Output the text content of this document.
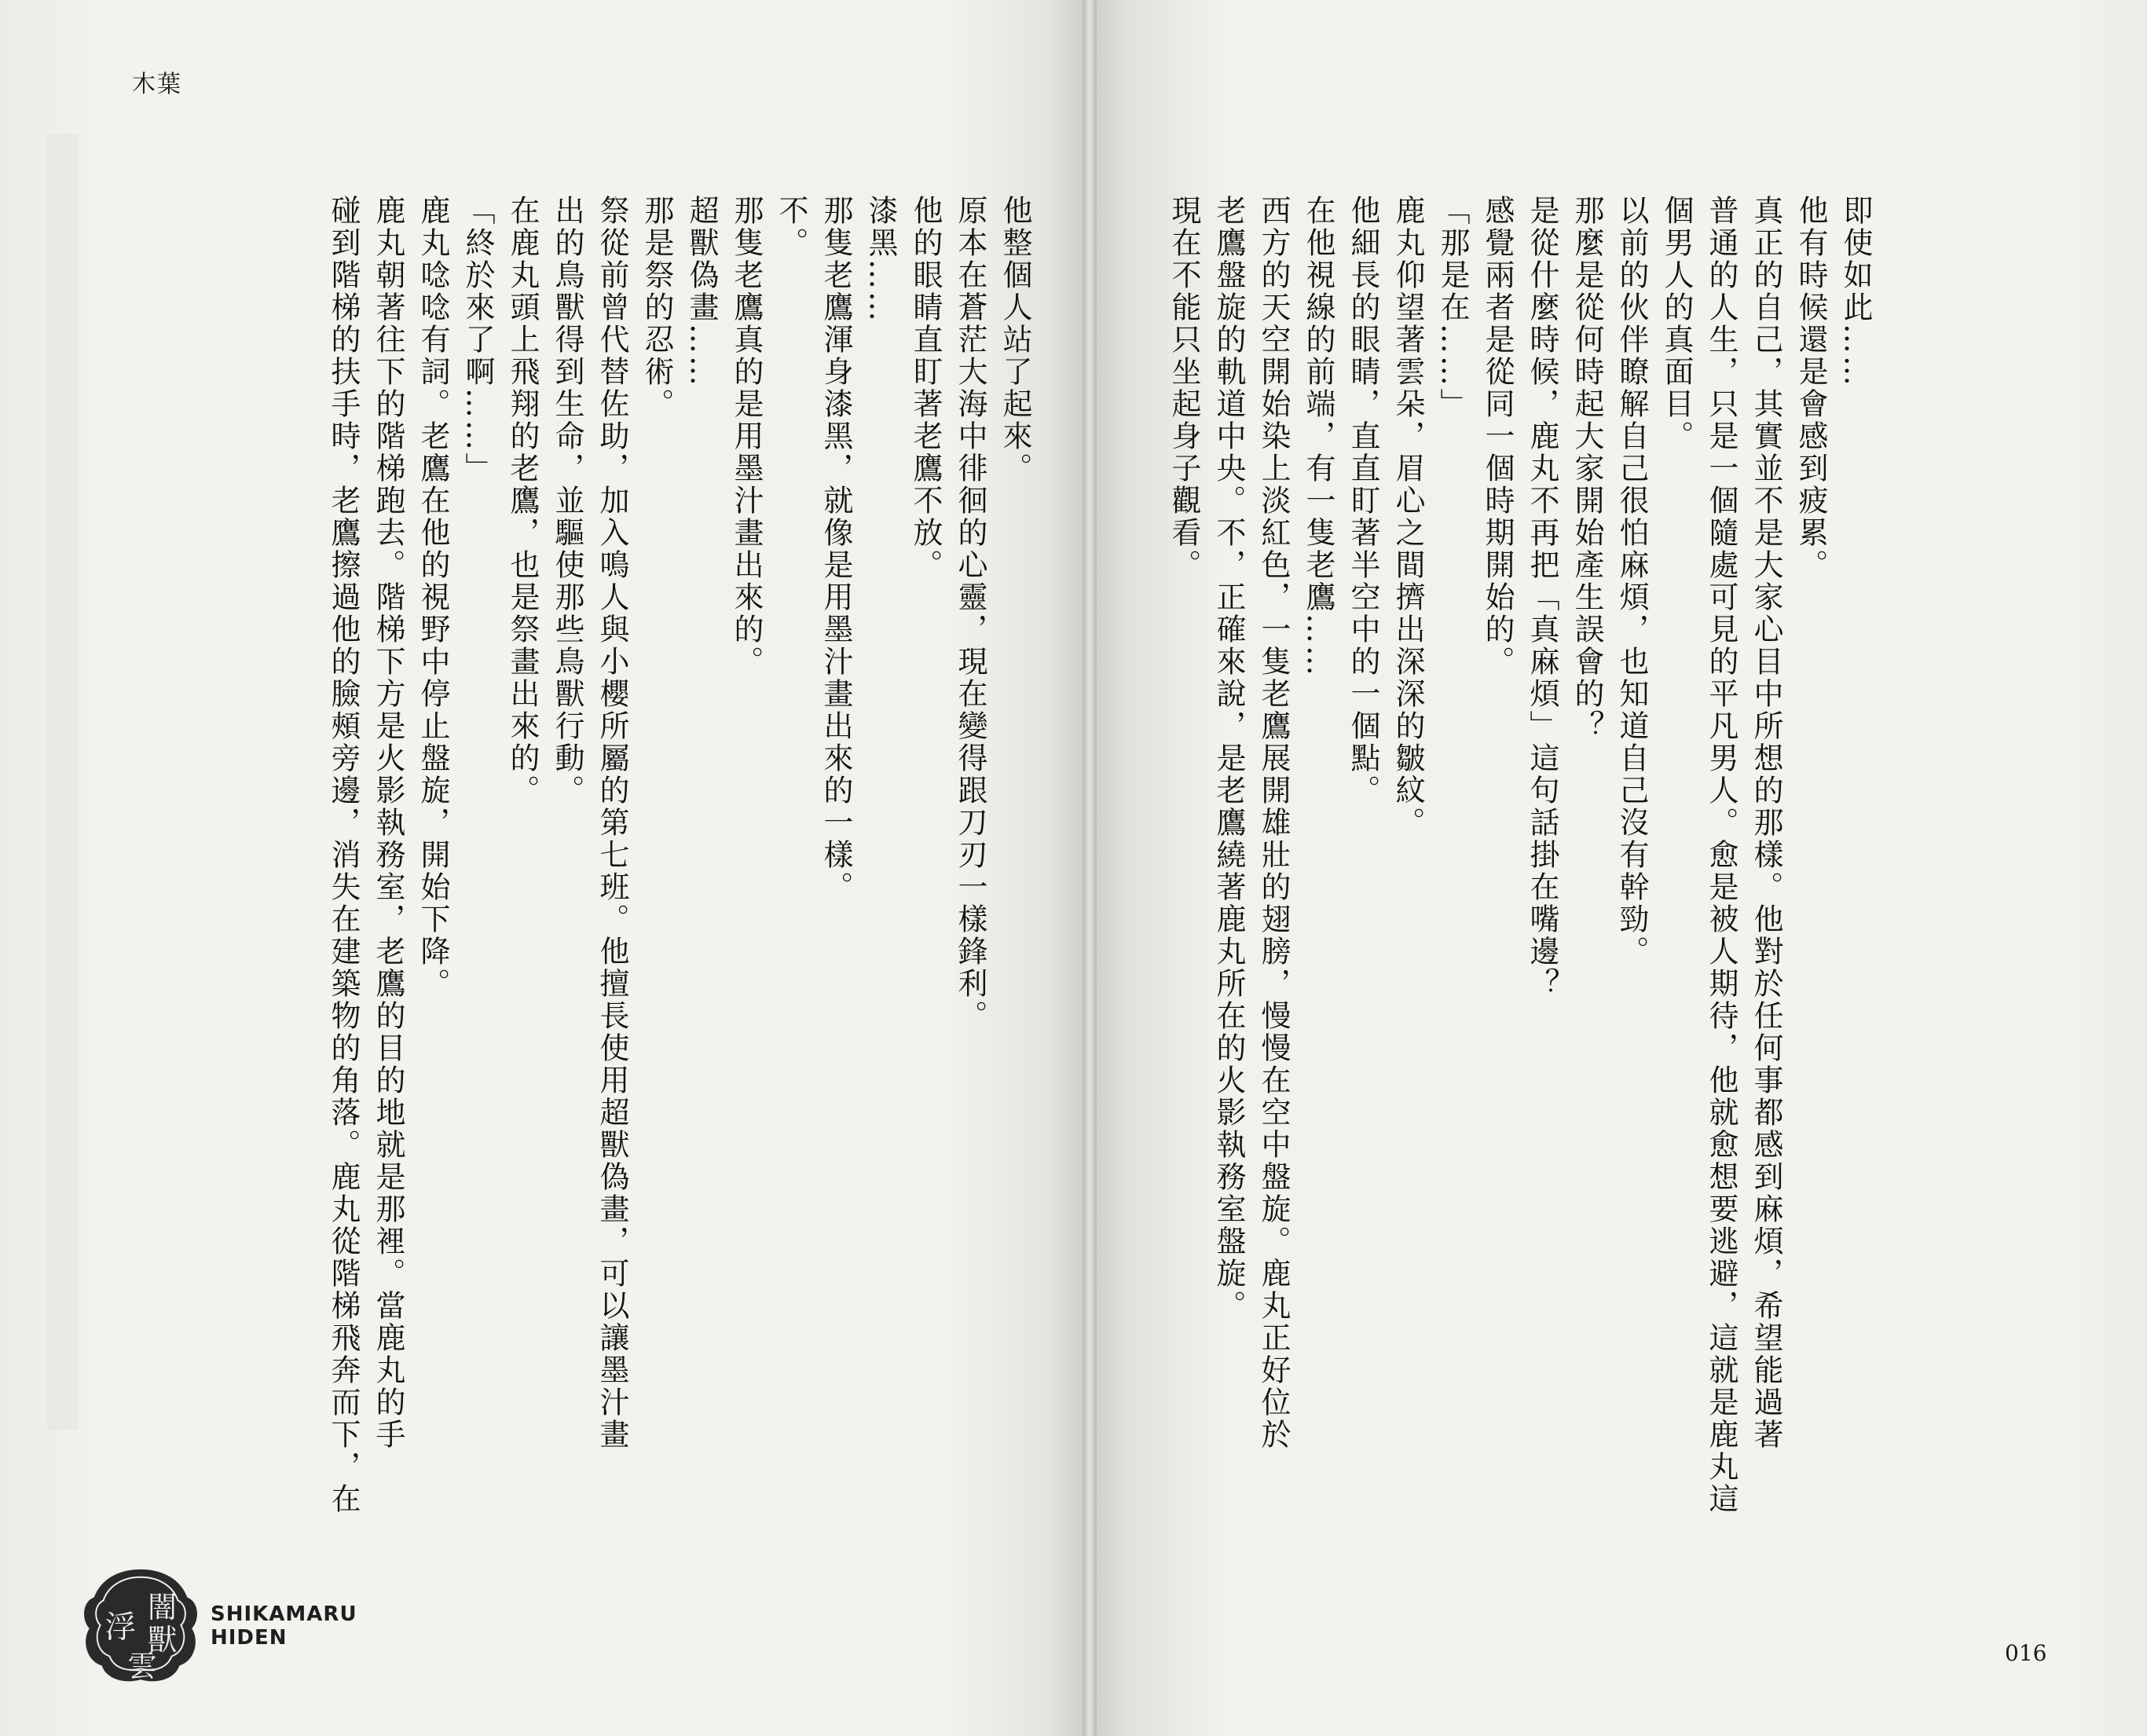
木葉

即使如此……

他有時候還是會感到疲累。

真正的自己，其實並不是大家心目中所想的那樣。他對於任何事都感到麻煩，希望能過著

普通的人生，只是一個隨處可見的平凡男人。愈是被人期待，他就愈想要逃避，這就是鹿丸這

個男人的真面目。

以前的伙伴瞭解自己很怕麻煩，也知道自己沒有幹勁。

那麼是從何時起大家開始產生誤會的？

是從什麼時候，鹿丸不再把「真麻煩」這句話掛在嘴邊？

感覺兩者是從同一個時期開始的。

「那是在……」

鹿丸仰望著雲朵，眉心之間擠出深深的皺紋。

他細長的眼睛，直直盯著半空中的一個點。

在他視線的前端，有一隻老鷹……

西方的天空開始染上淡紅色，一隻老鷹展開雄壯的翅膀，慢慢在空中盤旋。鹿丸正好位於

老鷹盤旋的軌道中央。不，正確來說，是老鷹繞著鹿丸所在的火影執務室盤旋。

現在不能只坐起身子觀看。

他整個人站了起來。

原本在蒼茫大海中徘徊的心靈，現在變得跟刀刃一樣鋒利。

他的眼睛直盯著老鷹不放。

漆黑……

那隻老鷹渾身漆黑，就像是用墨汁畫出來的一樣。

不。

那隻老鷹真的是用墨汁畫出來的。

超獸偽畫……

那是祭的忍術。

祭從前曾代替佐助，加入鳴人與小櫻所屬的第七班。他擅長使用超獸偽畫，可以讓墨汁畫

出的鳥獸得到生命，並驅使那些鳥獸行動。

在鹿丸頭上飛翔的老鷹，也是祭畫出來的。

「終於來了啊……」

鹿丸唸唸有詞。老鷹在他的視野中停止盤旋，開始下降。

鹿丸朝著往下的階梯跑去。階梯下方是火影執務室，老鷹的目的地就是那裡。當鹿丸的手

碰到階梯的扶手時，老鷹擦過他的臉頰旁邊，消失在建築物的角落。鹿丸從階梯飛奔而下，在

闇
獸
浮
雲
SHIKAMARU
HIDEN
016
